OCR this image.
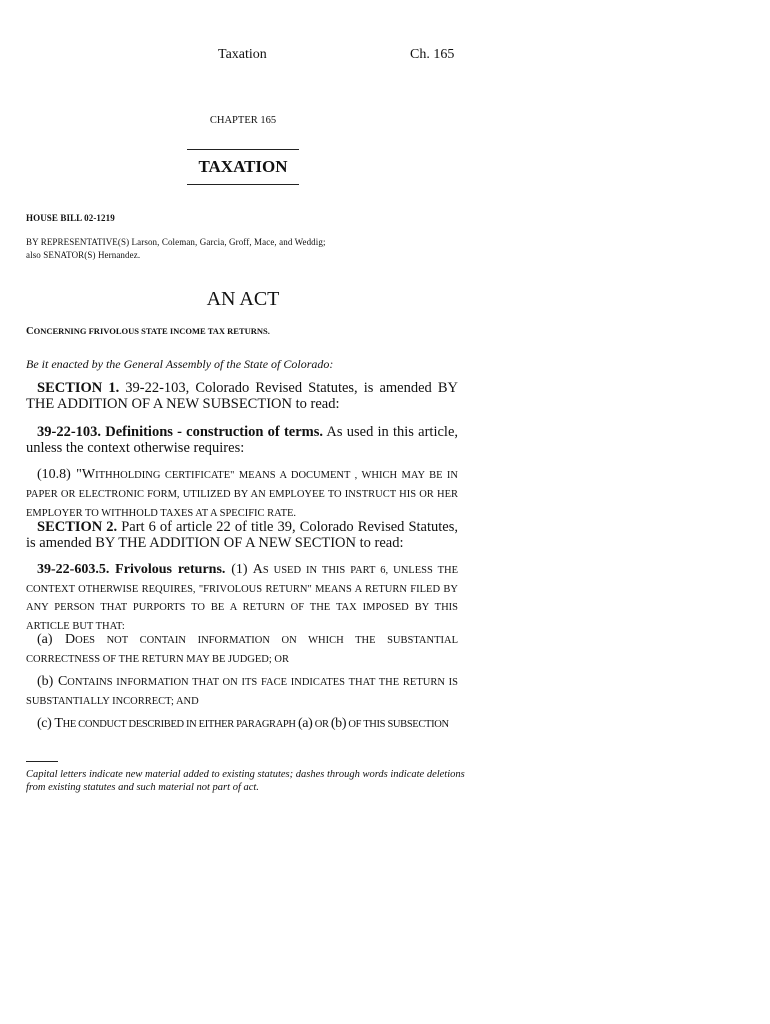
Taxation	Ch. 165
CHAPTER 165
TAXATION
HOUSE BILL 02-1219
BY REPRESENTATIVE(S) Larson, Coleman, Garcia, Groff, Mace, and Weddig;
also SENATOR(S) Hernandez.
AN ACT
CONCERNING FRIVOLOUS STATE INCOME TAX RETURNS.
Be it enacted by the General Assembly of the State of Colorado:
SECTION 1. 39-22-103, Colorado Revised Statutes, is amended BY THE ADDITION OF A NEW SUBSECTION to read:
39-22-103. Definitions - construction of terms. As used in this article, unless the context otherwise requires:
(10.8) "WITHHOLDING CERTIFICATE" MEANS A DOCUMENT , WHICH MAY BE IN PAPER OR ELECTRONIC FORM, UTILIZED BY AN EMPLOYEE TO INSTRUCT HIS OR HER EMPLOYER TO WITHHOLD TAXES AT A SPECIFIC RATE.
SECTION 2. Part 6 of article 22 of title 39, Colorado Revised Statutes, is amended BY THE ADDITION OF A NEW SECTION to read:
39-22-603.5. Frivolous returns. (1) AS USED IN THIS PART 6, UNLESS THE CONTEXT OTHERWISE REQUIRES, "FRIVOLOUS RETURN" MEANS A RETURN FILED BY ANY PERSON THAT PURPORTS TO BE A RETURN OF THE TAX IMPOSED BY THIS ARTICLE BUT THAT:
(a) DOES NOT CONTAIN INFORMATION ON WHICH THE SUBSTANTIAL CORRECTNESS OF THE RETURN MAY BE JUDGED; OR
(b) CONTAINS INFORMATION THAT ON ITS FACE INDICATES THAT THE RETURN IS SUBSTANTIALLY INCORRECT; AND
(c) THE CONDUCT DESCRIBED IN EITHER PARAGRAPH (a) OR (b) OF THIS SUBSECTION
Capital letters indicate new material added to existing statutes; dashes through words indicate deletions from existing statutes and such material not part of act.
